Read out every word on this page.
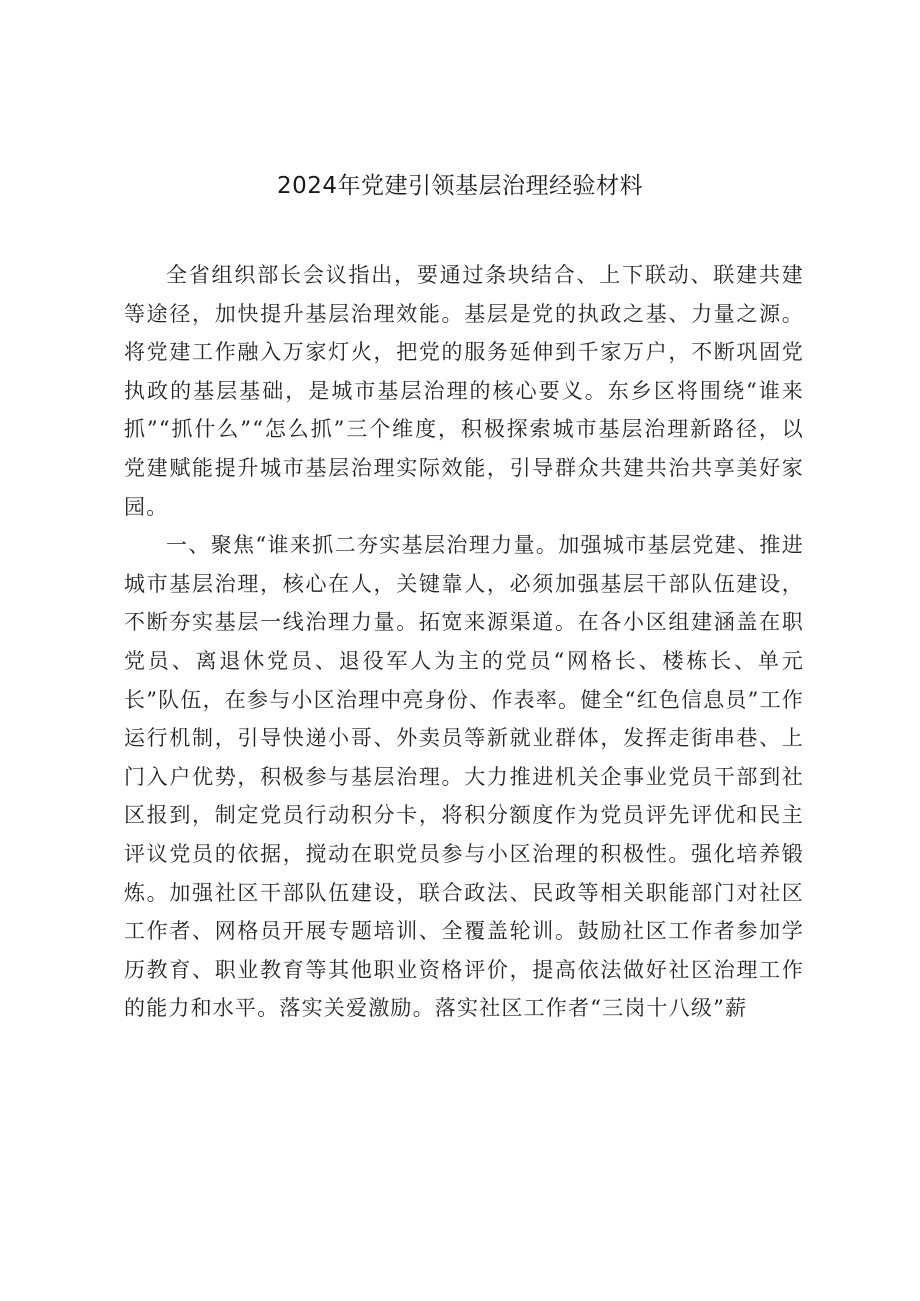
2024年党建引领基层治理经验材料

全省组织部长会议指出，要通过条块结合、上下联动、联建共建等途径，加快提升基层治理效能。基层是党的执政之基、力量之源。将党建工作融入万家灯火，把党的服务延伸到千家万户，不断巩固党执政的基层基础，是城市基层治理的核心要义。东乡区将围绕“谁来抓”“抓什么”“怎么抓”三个维度，积极探索城市基层治理新路径，以党建赋能提升城市基层治理实际效能，引导群众共建共治共享美好家园。

一、聚焦“谁来抓二夯实基层治理力量。加强城市基层党建、推进城市基层治理，核心在人，关键靠人，必须加强基层干部队伍建设，不断夯实基层一线治理力量。拓宽来源渠道。在各小区组建涵盖在职党员、离退休党员、退役军人为主的党员“网格长、楼栋长、单元长”队伍，在参与小区治理中亮身份、作表率。健全“红色信息员”工作运行机制，引导快递小哥、外卖员等新就业群体，发挥走街串巷、上门入户优势，积极参与基层治理。大力推进机关企事业党员干部到社区报到，制定党员行动积分卡，将积分额度作为党员评先评优和民主评议党员的依据，搅动在职党员参与小区治理的积极性。强化培养锻炼。加强社区干部队伍建设，联合政法、民政等相关职能部门对社区工作者、网格员开展专题培训、全覆盖轮训。鼓励社区工作者参加学历教育、职业教育等其他职业资格评价，提高依法做好社区治理工作的能力和水平。落实关爱激励。落实社区工作者“三岗十八级”薪
